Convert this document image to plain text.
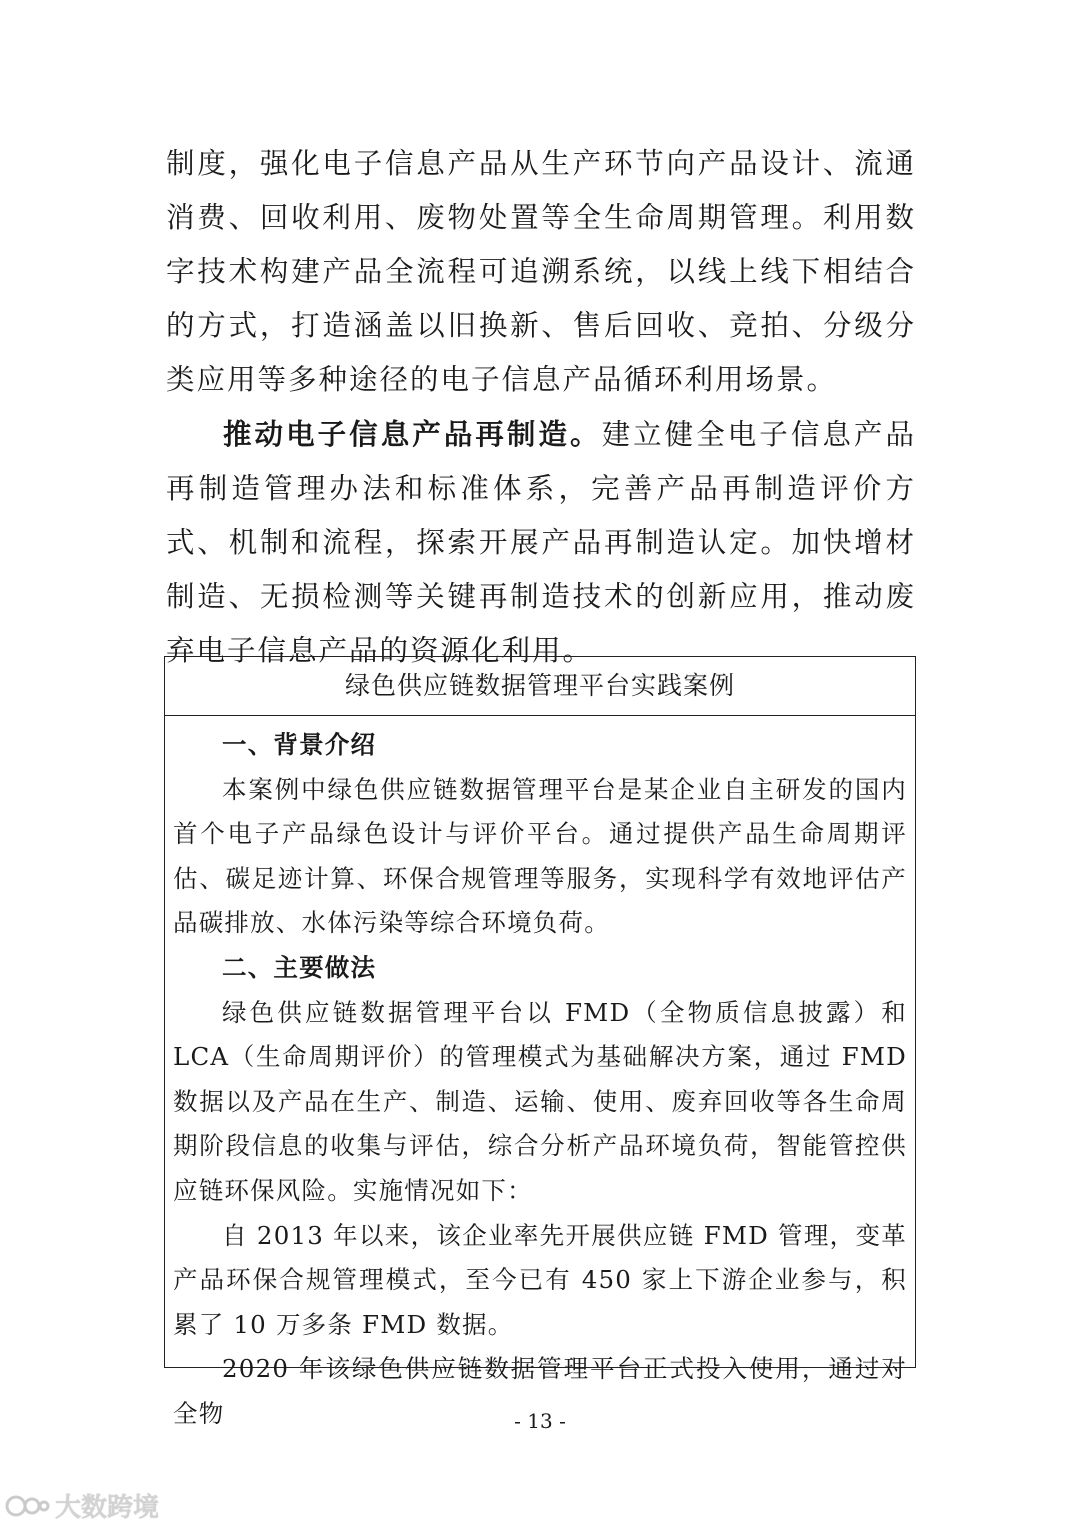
制度，强化电子信息产品从生产环节向产品设计、流通消费、回收利用、废物处置等全生命周期管理。利用数字技术构建产品全流程可追溯系统，以线上线下相结合的方式，打造涵盖以旧换新、售后回收、竞拍、分级分类应用等多种途径的电子信息产品循环利用场景。

推动电子信息产品再制造。建立健全电子信息产品再制造管理办法和标准体系，完善产品再制造评价方式、机制和流程，探索开展产品再制造认定。加快增材制造、无损检测等关键再制造技术的创新应用，推动废弃电子信息产品的资源化利用。

绿色供应链数据管理平台实践案例

一、背景介绍

本案例中绿色供应链数据管理平台是某企业自主研发的国内首个电子产品绿色设计与评价平台。通过提供产品生命周期评估、碳足迹计算、环保合规管理等服务，实现科学有效地评估产品碳排放、水体污染等综合环境负荷。

二、主要做法

绿色供应链数据管理平台以 FMD（全物质信息披露）和 LCA（生命周期评价）的管理模式为基础解决方案，通过 FMD 数据以及产品在生产、制造、运输、使用、废弃回收等各生命周期阶段信息的收集与评估，综合分析产品环境负荷，智能管控供应链环保风险。实施情况如下：

自 2013 年以来，该企业率先开展供应链 FMD 管理，变革产品环保合规管理模式，至今已有 450 家上下游企业参与，积累了 10 万多条 FMD 数据。

2020 年该绿色供应链数据管理平台正式投入使用，通过对全物	- 13 -
大数跨境
